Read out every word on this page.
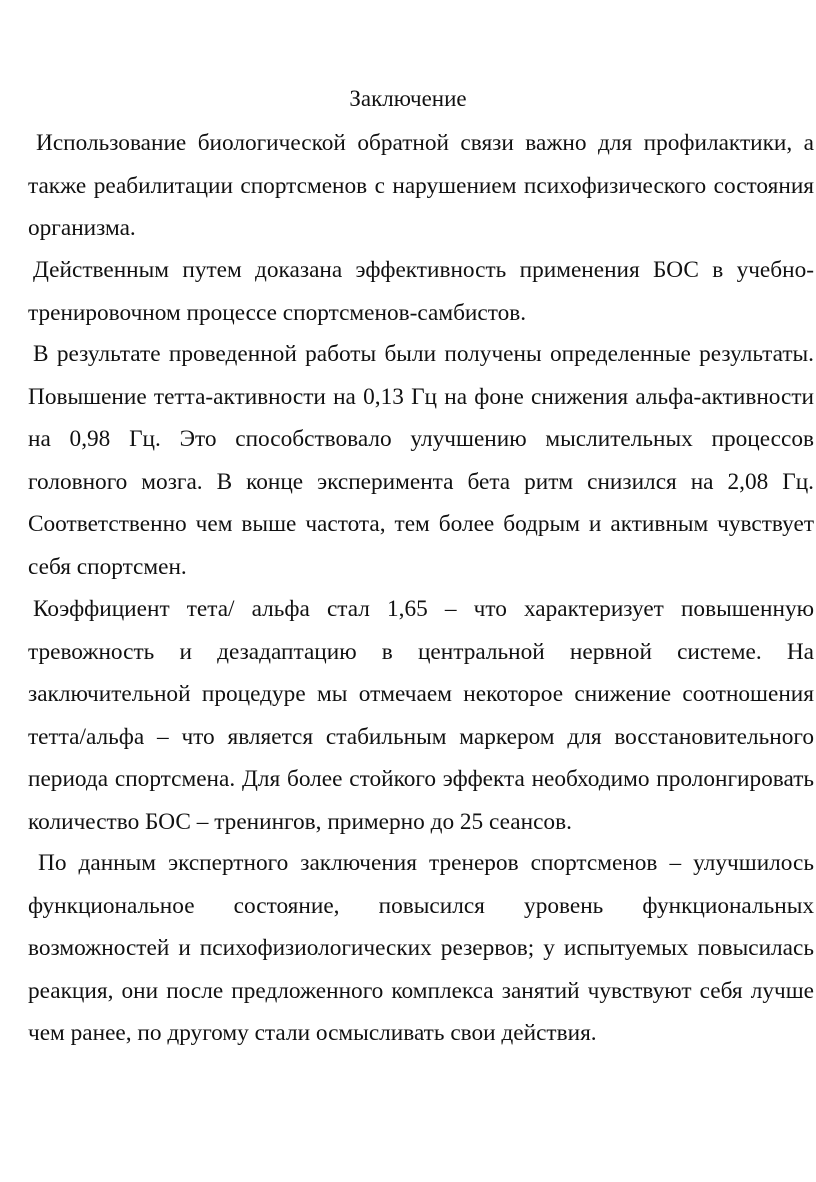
Заключение

Использование биологической обратной связи важно для профилактики, а также реабилитации спортсменов с нарушением психофизического состояния организма.

Действенным путем доказана эффективность применения БОС в учебно-тренировочном процессе спортсменов-самбистов.

В результате проведенной работы были получены определенные результаты. Повышение тетта-активности на 0,13 Гц на фоне снижения альфа-активности на 0,98 Гц. Это способствовало улучшению мыслительных процессов головного мозга. В конце эксперимента бета ритм снизился на 2,08 Гц. Соответственно чем выше частота, тем более бодрым и активным чувствует себя спортсмен.

Коэффициент тета/ альфа стал 1,65 – что характеризует повышенную тревожность и дезадаптацию в центральной нервной системе. На заключительной процедуре мы отмечаем некоторое снижение соотношения тетта/альфа – что является стабильным маркером для восстановительного периода спортсмена. Для более стойкого эффекта необходимо пролонгировать количество БОС – тренингов, примерно до 25 сеансов.

По данным экспертного заключения тренеров спортсменов – улучшилось функциональное состояние, повысился уровень функциональных возможностей и психофизиологических резервов; у испытуемых повысилась реакция, они после предложенного комплекса занятий чувствуют себя лучше чем ранее, по другому стали осмысливать свои действия.
